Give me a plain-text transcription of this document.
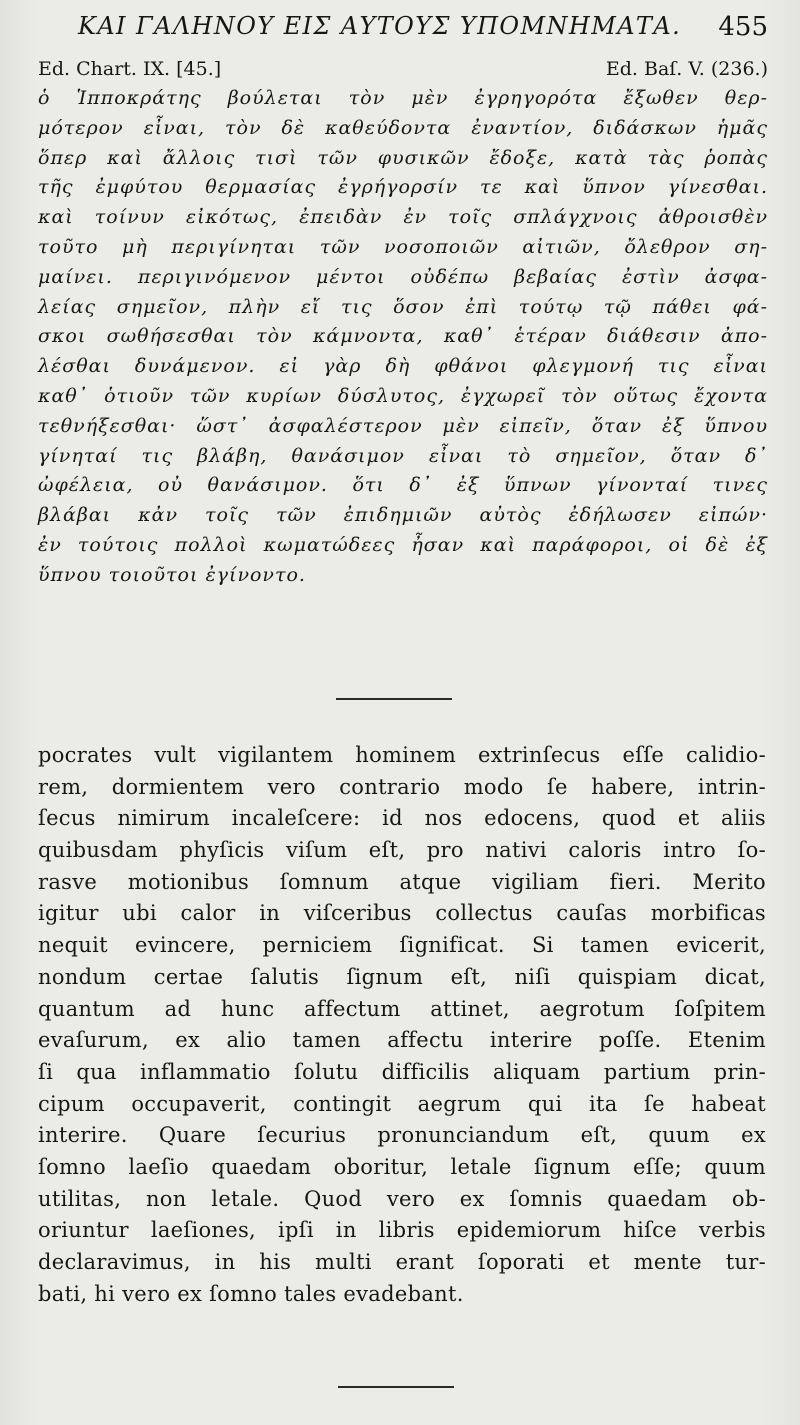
ΚΑΙ ΓΑΛΗΝΟΥ ΕΙΣ ΑΥΤΟΥΣ ΥΠΟΜΝΗΜΑΤΑ. 455
Ed. Chart. IX. [45.]	Ed. Baſ. V. (236.)
ὁ Ἱπποκράτης βούλεται τὸν μὲν ἐγρηγορότα ἔξωθεν θερ-
μότερον εἶναι, τὸν δὲ καθεύδοντα ἐναντίον, διδάσκων ἡμᾶς
ὅπερ καὶ ἄλλοις τισὶ τῶν φυσικῶν ἔδοξε, κατὰ τὰς ῥοπὰς
τῆς ἐμφύτου θερμασίας ἐγρήγορσίν τε καὶ ὕπνον γίνεσθαι.
καὶ τοίνυν εἰκότως, ἐπειδὰν ἐν τοῖς σπλάγχνοις ἀθροισθὲν
τοῦτο μὴ περιγίνηται τῶν νοσοποιῶν αἰτιῶν, ὄλεθρον ση-
μαίνει. περιγινόμενον μέντοι οὐδέπω βεβαίας ἐστὶν ἀσφα-
λείας σημεῖον, πλὴν εἴ τις ὅσον ἐπὶ τούτῳ τῷ πάθει φά-
σκοι σωθήσεσθαι τὸν κάμνοντα, καθ᾽ ἑτέραν διάθεσιν ἀπο-
λέσθαι δυνάμενον. εἰ γὰρ δὴ φθάνοι φλεγμονή τις εἶναι
καθ᾽ ὁτιοῦν τῶν κυρίων δύσλυτος, ἐγχωρεῖ τὸν οὕτως ἔχοντα
τεθνήξεσθαι· ὥστ᾽ ἀσφαλέστερον μὲν εἰπεῖν, ὅταν ἐξ ὕπνου
γίνηταί τις βλάβη, θανάσιμον εἶναι τὸ σημεῖον, ὅταν δ᾽
ὠφέλεια, οὐ θανάσιμον. ὅτι δ᾽ ἐξ ὕπνων γίνονταί τινες
βλάβαι κἀν τοῖς τῶν ἐπιδημιῶν αὐτὸς ἐδήλωσεν εἰπών·
ἐν τούτοις πολλοὶ κωματώδεες ἦσαν καὶ παράφοροι, οἱ δὲ ἐξ
ὕπνου τοιοῦτοι ἐγίνοντο.
pocrates vult vigilantem hominem extrinſecus eſſe calidio-
rem, dormientem vero contrario modo ſe habere, intrin-
ſecus nimirum incaleſcere: id nos edocens, quod et aliis
quibusdam phyſicis viſum eſt, pro nativi caloris intro ſo-
rasve motionibus ſomnum atque vigiliam fieri. Merito
igitur ubi calor in viſceribus collectus cauſas morbificas
nequit evincere, perniciem ſignificat. Si tamen evicerit,
nondum certae ſalutis ſignum eſt, niſi quispiam dicat,
quantum ad hunc affectum attinet, aegrotum ſoſpitem
evaſurum, ex alio tamen affectu interire poſſe. Etenim
ſi qua inflammatio ſolutu difficilis aliquam partium prin-
cipum occupaverit, contingit aegrum qui ita ſe habeat
interire. Quare ſecurius pronunciandum eſt, quum ex
ſomno laeſio quaedam oboritur, letale ſignum eſſe; quum
utilitas, non letale. Quod vero ex ſomnis quaedam ob-
oriuntur laeſiones, ipſi in libris epidemiorum hiſce verbis
declaravimus, in his multi erant ſoporati et mente tur-
bati, hi vero ex ſomno tales evadebant.
